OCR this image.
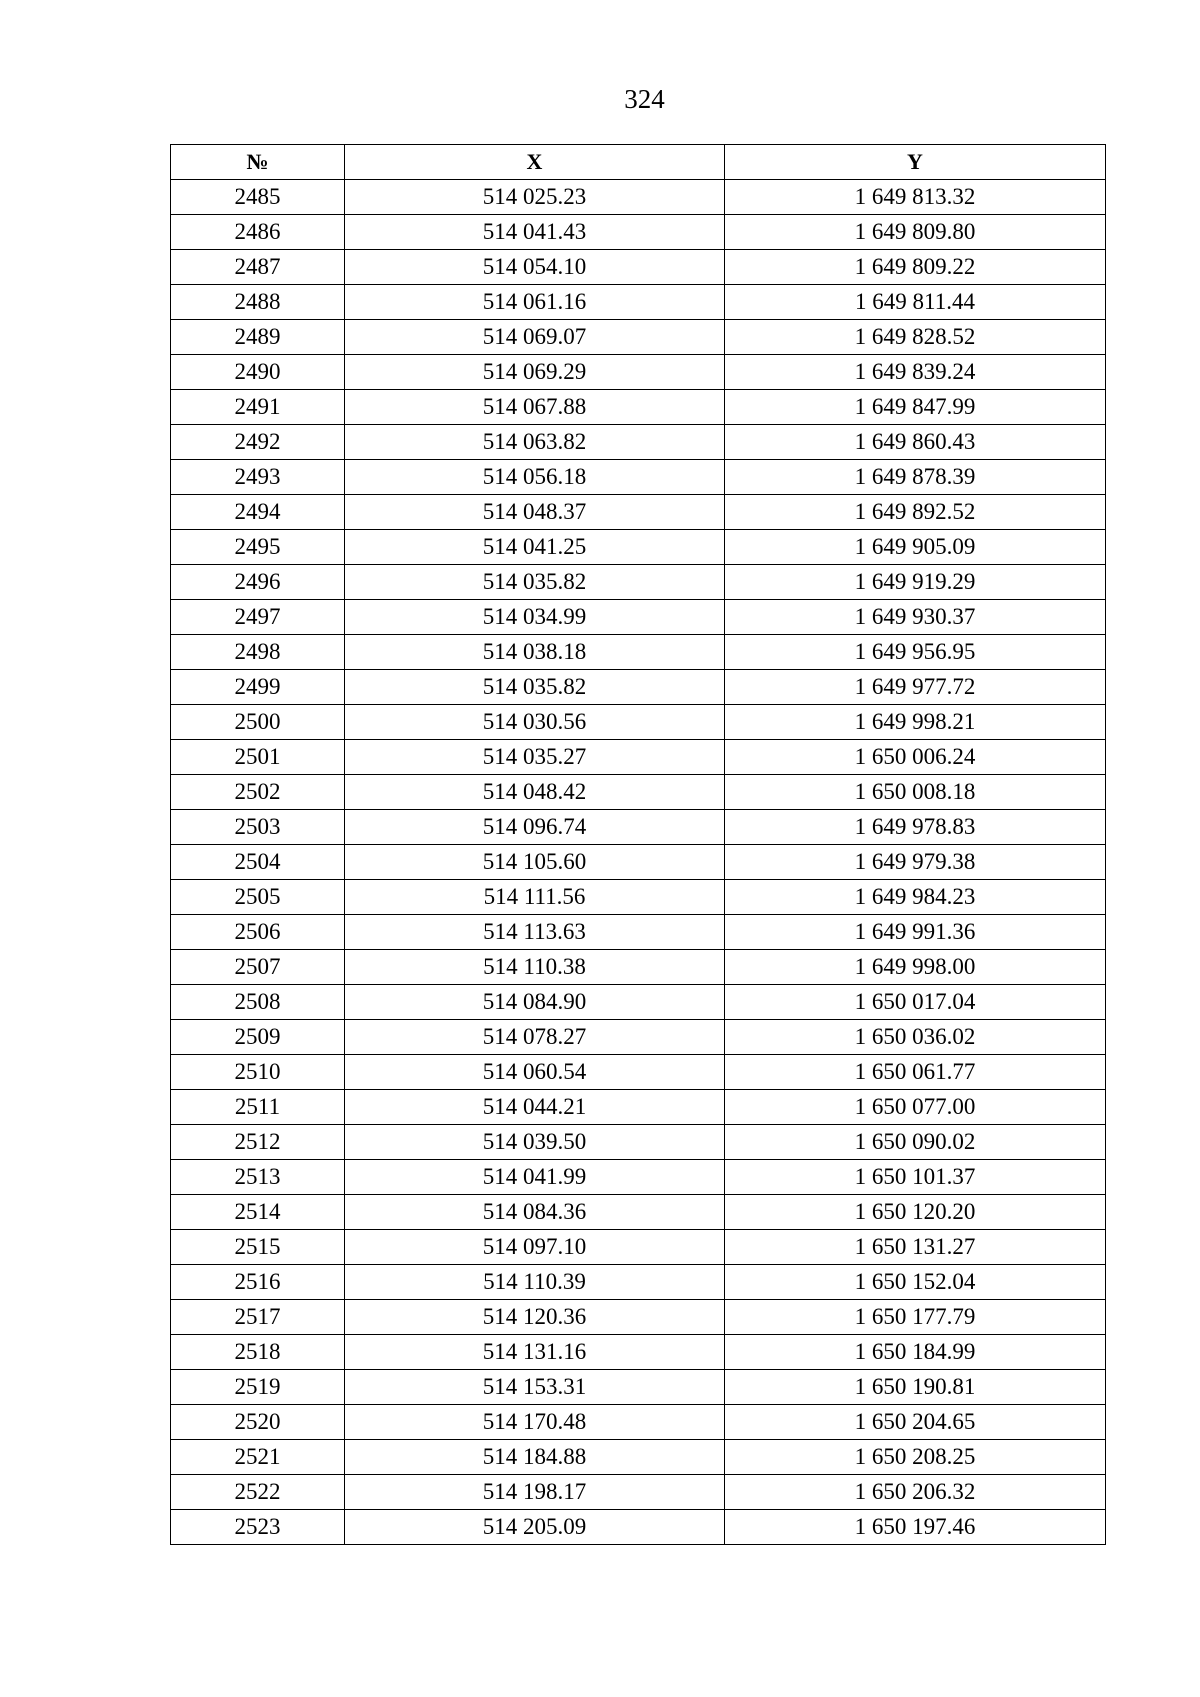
324
№	X	Y
2485	514 025.23	1 649 813.32
2486	514 041.43	1 649 809.80
2487	514 054.10	1 649 809.22
2488	514 061.16	1 649 811.44
2489	514 069.07	1 649 828.52
2490	514 069.29	1 649 839.24
2491	514 067.88	1 649 847.99
2492	514 063.82	1 649 860.43
2493	514 056.18	1 649 878.39
2494	514 048.37	1 649 892.52
2495	514 041.25	1 649 905.09
2496	514 035.82	1 649 919.29
2497	514 034.99	1 649 930.37
2498	514 038.18	1 649 956.95
2499	514 035.82	1 649 977.72
2500	514 030.56	1 649 998.21
2501	514 035.27	1 650 006.24
2502	514 048.42	1 650 008.18
2503	514 096.74	1 649 978.83
2504	514 105.60	1 649 979.38
2505	514 111.56	1 649 984.23
2506	514 113.63	1 649 991.36
2507	514 110.38	1 649 998.00
2508	514 084.90	1 650 017.04
2509	514 078.27	1 650 036.02
2510	514 060.54	1 650 061.77
2511	514 044.21	1 650 077.00
2512	514 039.50	1 650 090.02
2513	514 041.99	1 650 101.37
2514	514 084.36	1 650 120.20
2515	514 097.10	1 650 131.27
2516	514 110.39	1 650 152.04
2517	514 120.36	1 650 177.79
2518	514 131.16	1 650 184.99
2519	514 153.31	1 650 190.81
2520	514 170.48	1 650 204.65
2521	514 184.88	1 650 208.25
2522	514 198.17	1 650 206.32
2523	514 205.09	1 650 197.46
